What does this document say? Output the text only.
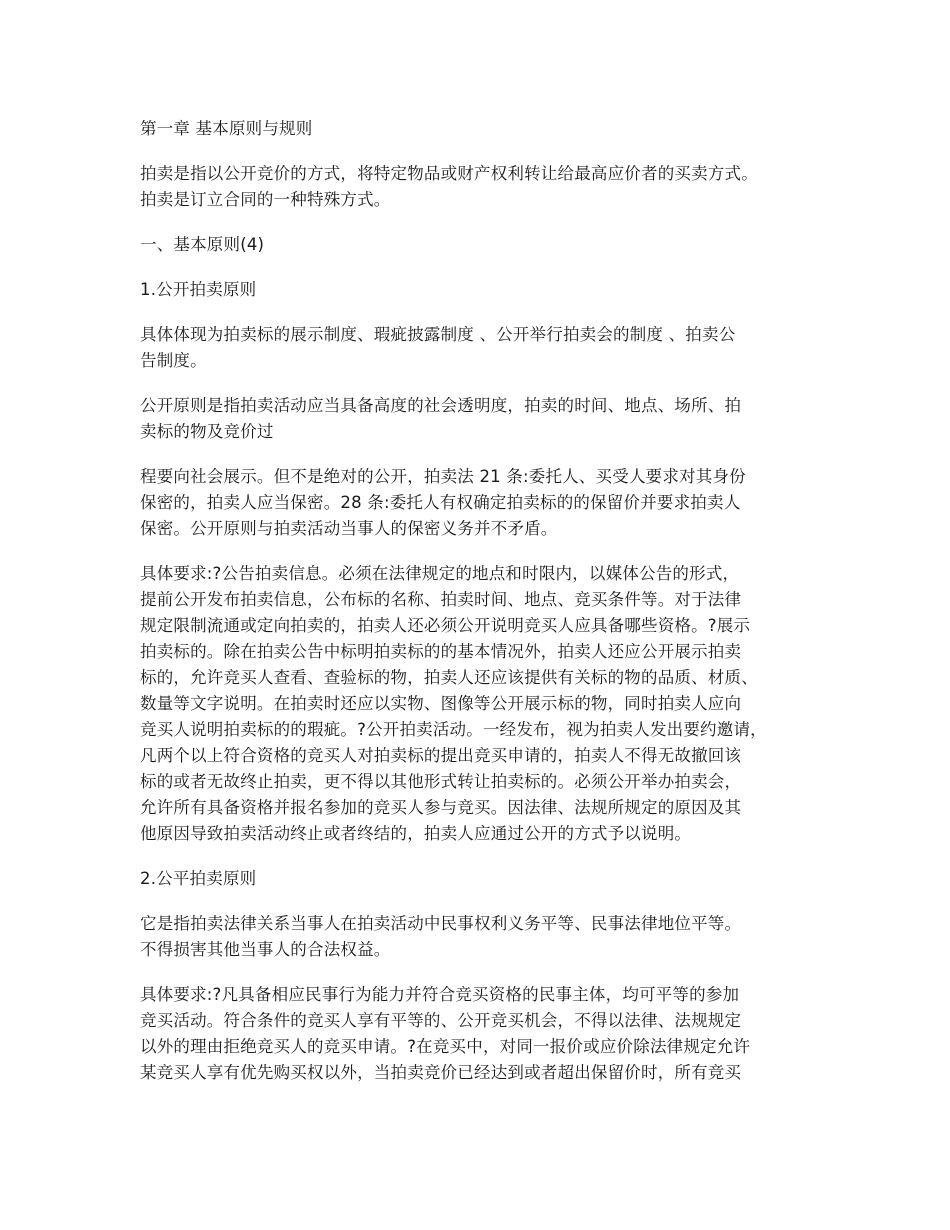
第一章 基本原则与规则
拍卖是指以公开竞价的方式，将特定物品或财产权利转让给最高应价者的买卖方式。
拍卖是订立合同的一种特殊方式。
一、基本原则(4)
1.公开拍卖原则
具体体现为拍卖标的展示制度、瑕疵披露制度 、公开举行拍卖会的制度 、拍卖公
告制度。
公开原则是指拍卖活动应当具备高度的社会透明度，拍卖的时间、地点、场所、拍
卖标的物及竞价过
程要向社会展示。但不是绝对的公开，拍卖法 21 条:委托人、买受人要求对其身份
保密的，拍卖人应当保密。28 条:委托人有权确定拍卖标的的保留价并要求拍卖人
保密。公开原则与拍卖活动当事人的保密义务并不矛盾。
具体要求:?公告拍卖信息。必须在法律规定的地点和时限内，以媒体公告的形式，
提前公开发布拍卖信息，公布标的名称、拍卖时间、地点、竞买条件等。对于法律
规定限制流通或定向拍卖的，拍卖人还必须公开说明竞买人应具备哪些资格。?展示
拍卖标的。除在拍卖公告中标明拍卖标的的基本情况外，拍卖人还应公开展示拍卖
标的，允许竞买人查看、查验标的物，拍卖人还应该提供有关标的物的品质、材质、
数量等文字说明。在拍卖时还应以实物、图像等公开展示标的物，同时拍卖人应向
竞买人说明拍卖标的的瑕疵。?公开拍卖活动。一经发布，视为拍卖人发出要约邀请，
凡两个以上符合资格的竞买人对拍卖标的提出竞买申请的，拍卖人不得无故撤回该
标的或者无故终止拍卖，更不得以其他形式转让拍卖标的。必须公开举办拍卖会，
允许所有具备资格并报名参加的竞买人参与竞买。因法律、法规所规定的原因及其
他原因导致拍卖活动终止或者终结的，拍卖人应通过公开的方式予以说明。
2.公平拍卖原则
它是指拍卖法律关系当事人在拍卖活动中民事权利义务平等、民事法律地位平等。
不得损害其他当事人的合法权益。
具体要求:?凡具备相应民事行为能力并符合竞买资格的民事主体，均可平等的参加
竞买活动。符合条件的竞买人享有平等的、公开竞买机会，不得以法律、法规规定
以外的理由拒绝竞买人的竞买申请。?在竞买中，对同一报价或应价除法律规定允许
某竞买人享有优先购买权以外，当拍卖竞价已经达到或者超出保留价时，所有竞买
